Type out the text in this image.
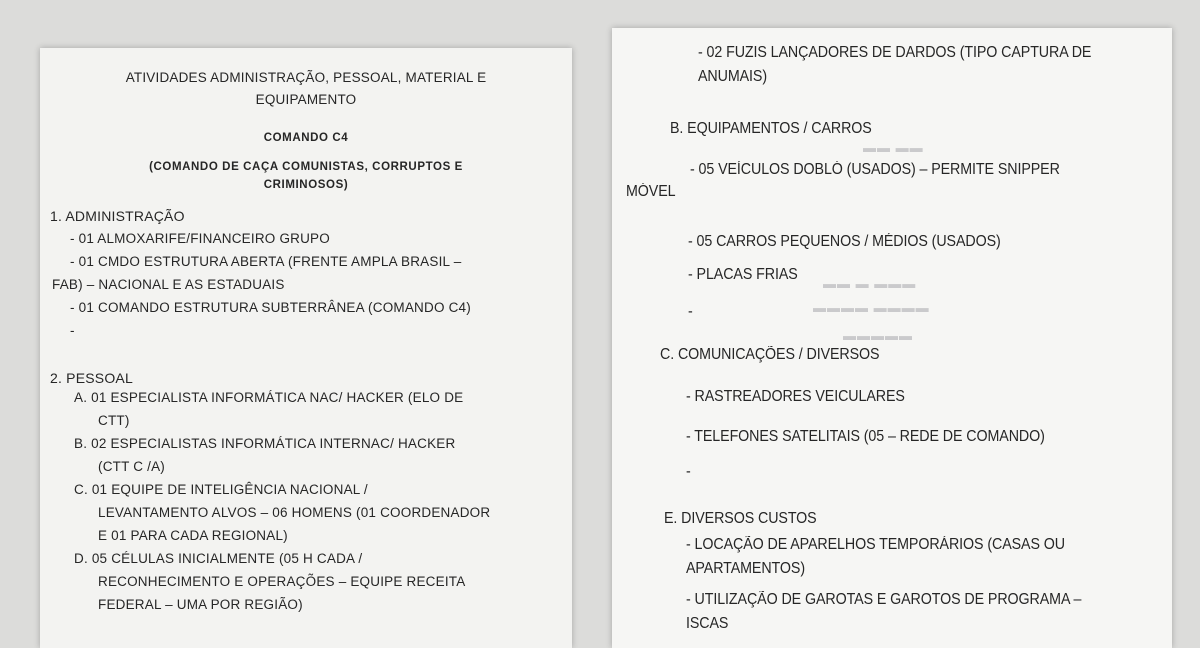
ATIVIDADES ADMINISTRAÇÃO, PESSOAL, MATERIAL E
EQUIPAMENTO
COMANDO C4
(COMANDO DE CAÇA COMUNISTAS, CORRUPTOS E
CRIMINOSOS)
1. ADMINISTRAÇÃO
- 01 ALMOXARIFE/FINANCEIRO GRUPO
- 01 CMDO ESTRUTURA ABERTA (FRENTE AMPLA BRASIL –
FAB) – NACIONAL E AS ESTADUAIS
- 01 COMANDO ESTRUTURA SUBTERRÂNEA (COMANDO C4)
-
2. PESSOAL
A. 01 ESPECIALISTA INFORMÁTICA NAC/ HACKER (ELO DE
CTT)
B. 02 ESPECIALISTAS INFORMÁTICA INTERNAC/ HACKER
(CTT C /A)
C. 01 EQUIPE DE INTELIGÊNCIA NACIONAL /
LEVANTAMENTO ALVOS – 06 HOMENS (01 COORDENADOR
E 01 PARA CADA REGIONAL)
D. 05 CÉLULAS INICIALMENTE (05 H CADA /
RECONHECIMENTO E OPERAÇÕES – EQUIPE RECEITA
FEDERAL – UMA POR REGIÃO)
- 02 FUZIS LANÇADORES DE DARDOS (TIPO CAPTURA DE
ANUMAIS)
B. EQUIPAMENTOS / CARROS
- 05 VEÍCULOS DOBLÓ (USADOS) – PERMITE SNIPPER
MÓVEL
- 05 CARROS PEQUENOS / MÉDIOS (USADOS)
- PLACAS FRIAS
-
C. COMUNICAÇÕES / DIVERSOS
- RASTREADORES VEICULARES
- TELEFONES SATELITAIS (05 – REDE DE COMANDO)
-
E. DIVERSOS CUSTOS
- LOCAÇÃO DE APARELHOS TEMPORÁRIOS (CASAS OU
APARTAMENTOS)
- UTILIZAÇÃO DE GAROTAS E GAROTOS DE PROGRAMA –
ISCAS
▬▬▬ ▬ ▬▬
▬▬▬▬ ▬▬▬▬
▬▬▬▬▬
▬▬ ▬▬
